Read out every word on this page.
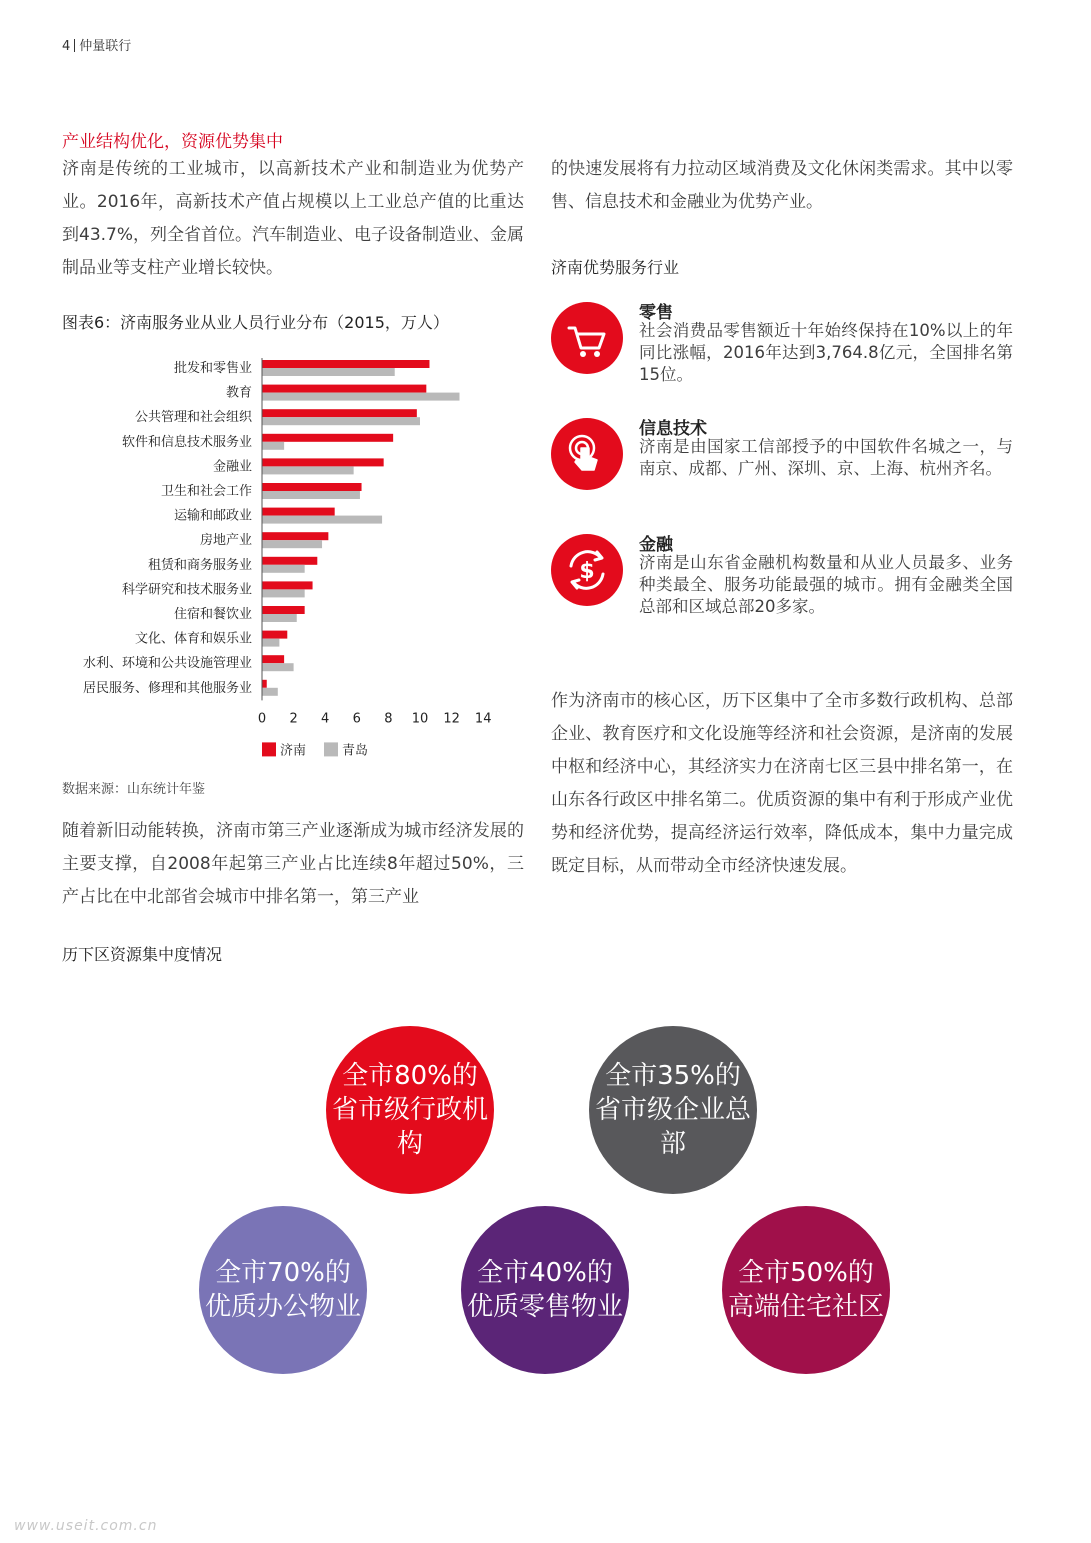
4 仲量联行
产业结构优化，资源优势集中
济南是传统的工业城市，以高新技术产业和制造业为优势产业。2016年，高新技术产值占规模以上工业总产值的比重达到43.7%，列全省首位。汽车制造业、电子设备制造业、金属制品业等支柱产业增长较快。
的快速发展将有力拉动区域消费及文化休闲类需求。其中以零售、信息技术和金融业为优势产业。
图表6：济南服务业从业人员行业分布（2015，万人）
批发和零售业
教育
公共管理和社会组织
软件和信息技术服务业
金融业
卫生和社会工作
运输和邮政业
房地产业
租赁和商务服务业
科学研究和技术服务业
住宿和餐饮业
文化、体育和娱乐业
水利、环境和公共设施管理业
居民服务、修理和其他服务业
0 2 4 6 8 10 12 14
济南	青岛
数据来源：山东统计年鉴
随着新旧动能转换，济南市第三产业逐渐成为城市经济发展的主要支撑，自2008年起第三产业占比连续8年超过50%，三产占比在中北部省会城市中排名第一，第三产业
济南优势服务行业
零售
社会消费品零售额近十年始终保持在10%以上的年同比涨幅，2016年达到3,764.8亿元，全国排名第15位。
信息技术
济南是由国家工信部授予的中国软件名城之一，与南京、成都、广州、深圳、京、上海、杭州齐名。
$
金融
济南是山东省金融机构数量和从业人员最多、业务种类最全、服务功能最强的城市。拥有金融类全国总部和区域总部20多家。
作为济南市的核心区，历下区集中了全市多数行政机构、总部企业、教育医疗和文化设施等经济和社会资源，是济南的发展中枢和经济中心，其经济实力在济南七区三县中排名第一，在山东各行政区中排名第二。优质资源的集中有利于形成产业优势和经济优势，提高经济运行效率，降低成本，集中力量完成既定目标，从而带动全市经济快速发展。
历下区资源集中度情况
全市80%的省市级行政机构
全市35%的省市级企业总部
全市70%的优质办公物业
全市40%的优质零售物业
全市50%的高端住宅社区
www.useit.com.cn
